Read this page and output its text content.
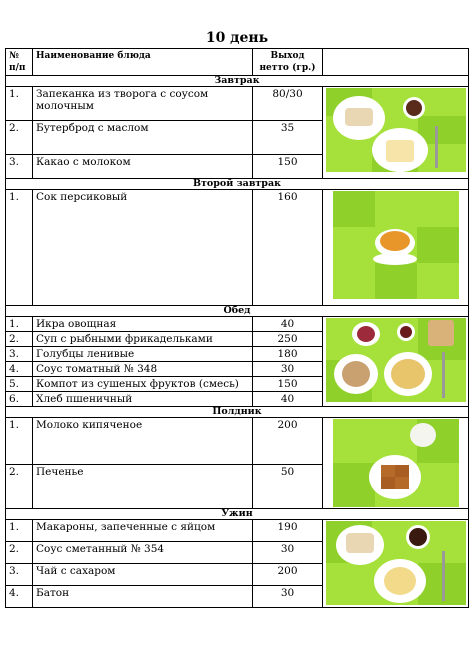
10 день
№
п/п	Наименование блюда	Выход
нетто (гр.)	
Завтрак			
1.	Запеканка из творога с соусом молочным	80/30	

2.	Бутерброд с маслом	35	
3.	Какао с молоком	150	
Второй завтрак			
1.	Сок персиковый	160	

Обед			
1.	Икра овощная	40	

2.	Суп с рыбными фрикадельками	250	
3.	Голубцы ленивые	180	
4.	Соус томатный № 348	30	
5.	Компот из сушеных фруктов (смесь)	150	
6.	Хлеб пшеничный	40	
Полдник			
1.	Молоко кипяченое	200	

2.	Печенье	50	
Ужин			
1.	Макароны, запеченные с яйцом	190	

2.	Соус сметанный № 354	30	
3.	Чай с сахаром	200	
4.	Батон	30	
